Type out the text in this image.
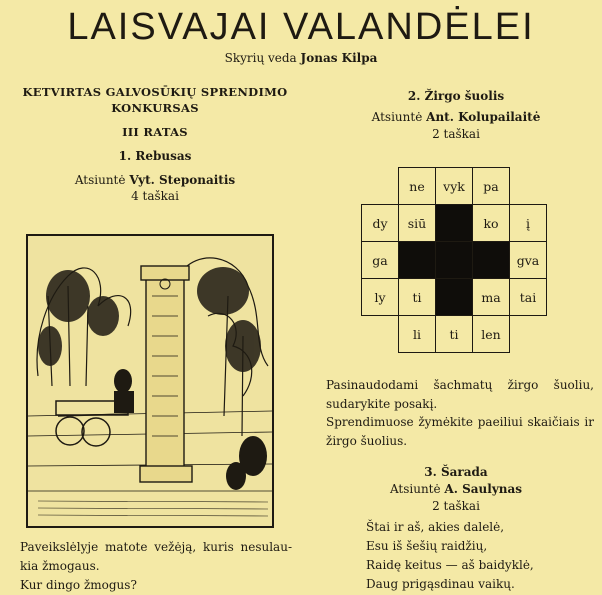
LAISVAJAI VALANDĖLEI
Skyrių veda Jonas Kilpa
KETVIRTAS GALVOSŪKIŲ SPRENDIMO
KONKURSAS
III RATAS
1. Rebusas
Atsiuntė Vyt. Steponaitis
4 taškai
Paveikslėlyje matote vežėją, kuris nesulau-
kia žmogaus.
Kur dingo žmogus?
2. Žirgo šuolis
Atsiuntė Ant. Kolupailaitė
2 taškai
	ne	vyk	pa	
dy	siū		ko	į
ga				gva
ly	ti		ma	tai
	li	ti	len	
Pasinaudodami šachmatų žirgo šuoliu, sudarykite posakį.
Sprendimuose žymėkite paeiliui skaičiais ir žirgo šuolius.
3. Šarada
Atsiuntė A. Saulynas
2 taškai
Štai ir aš, akies dalelė,
Esu iš šešių raidžių,
Raidę keitus — aš baidyklė,
Daug prigąsdinau vaikų.
